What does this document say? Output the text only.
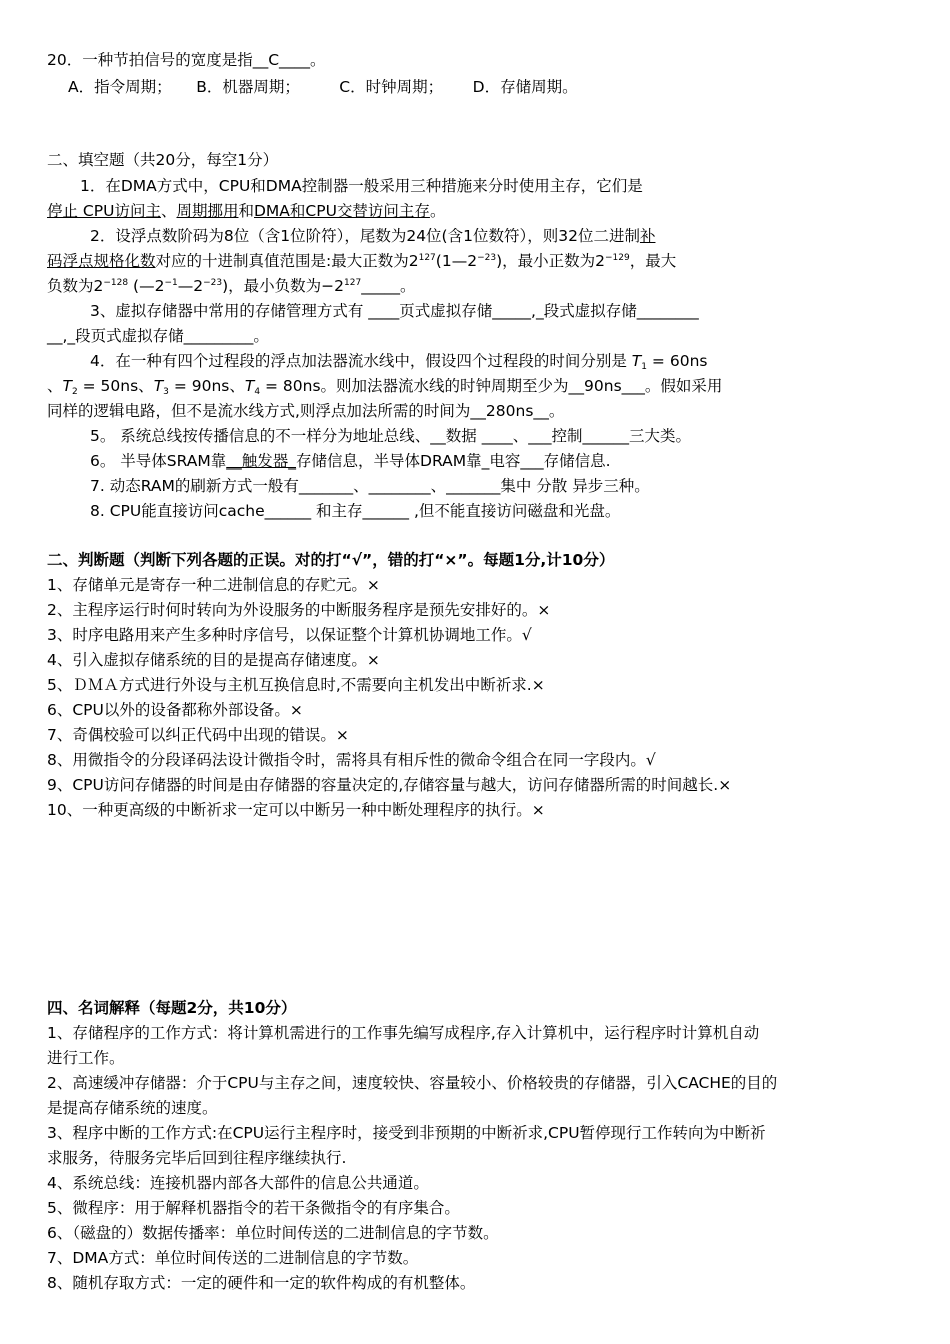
20．一种节拍信号的宽度是指__C____。
A．指令周期；     B．机器周期；        C．时钟周期；      D．存储周期。
二、填空题（共20分，每空1分）
1．在DMA方式中，CPU和DMA控制器一般采用三种措施来分时使用主存，它们是
停止 CPU访问主、周期挪用和DMA和CPU交替访问主存。
2．设浮点数阶码为8位（含1位阶符），尾数为24位(含1位数符），则32位二进制补
码浮点规格化数对应的十进制真值范围是:最大正数为$2^{127}(1—2^{-23})$，最小正数为$2^{-129}$，最大
负数为$2^{-128}$ $(—2^{-1}—2^{-23})$，最小负数为$-2^{127}\_\_\_\_\_$。
3、虚拟存储器中常用的存储管理方式有 ____页式虚拟存储_____,_段式虚拟存储________
__,_段页式虚拟存储_________。
4．在一种有四个过程段的浮点加法器流水线中，假设四个过程段的时间分别是 $T_1 = 60ns$
、$T_2 = 50ns$、$T_3 = 90ns$、$T_4 = 80ns$。则加法器流水线的时钟周期至少为__90ns___。假如采用
同样的逻辑电路，但不是流水线方式,则浮点加法所需的时间为__280ns__。
5。 系统总线按传播信息的不一样分为地址总线、__数据 ____、___控制______三大类。
6。 半导体SRAM靠__触发器_存储信息，半导体DRAM靠_电容___存储信息.
7. 动态RAM的刷新方式一般有_______、________、_______集中 分散 异步三种。
8. CPU能直接访问cache______ 和主存______ ,但不能直接访问磁盘和光盘。
二、判断题（判断下列各题的正误。对的打“√”，错的打“×”。每题1分,计10分）
1、存储单元是寄存一种二进制信息的存贮元。×
2、主程序运行时何时转向为外设服务的中断服务程序是预先安排好的。×
3、时序电路用来产生多种时序信号，以保证整个计算机协调地工作。√
4、引入虚拟存储系统的目的是提高存储速度。×
5、ＤＭＡ方式进行外设与主机互换信息时,不需要向主机发出中断祈求.×
6、CPU以外的设备都称外部设备。×
7、奇偶校验可以纠正代码中出现的错误。×
8、用微指令的分段译码法设计微指令时，需将具有相斥性的微命令组合在同一字段内。√
9、CPU访问存储器的时间是由存储器的容量决定的,存储容量与越大，访问存储器所需的时间越长.×
10、一种更高级的中断祈求一定可以中断另一种中断处理程序的执行。×
四、名词解释（每题2分，共10分）
1、存储程序的工作方式：将计算机需进行的工作事先编写成程序,存入计算机中，运行程序时计算机自动
进行工作。
2、高速缓冲存储器：介于CPU与主存之间，速度较快、容量较小、价格较贵的存储器，引入CACHE的目的
是提高存储系统的速度。
3、程序中断的工作方式:在CPU运行主程序时，接受到非预期的中断祈求,CPU暂停现行工作转向为中断祈
求服务，待服务完毕后回到往程序继续执行.
4、系统总线：连接机器内部各大部件的信息公共通道。
5、微程序：用于解释机器指令的若干条微指令的有序集合。
6、（磁盘的）数据传播率：单位时间传送的二进制信息的字节数。
7、DMA方式：单位时间传送的二进制信息的字节数。
8、随机存取方式：一定的硬件和一定的软件构成的有机整体。
